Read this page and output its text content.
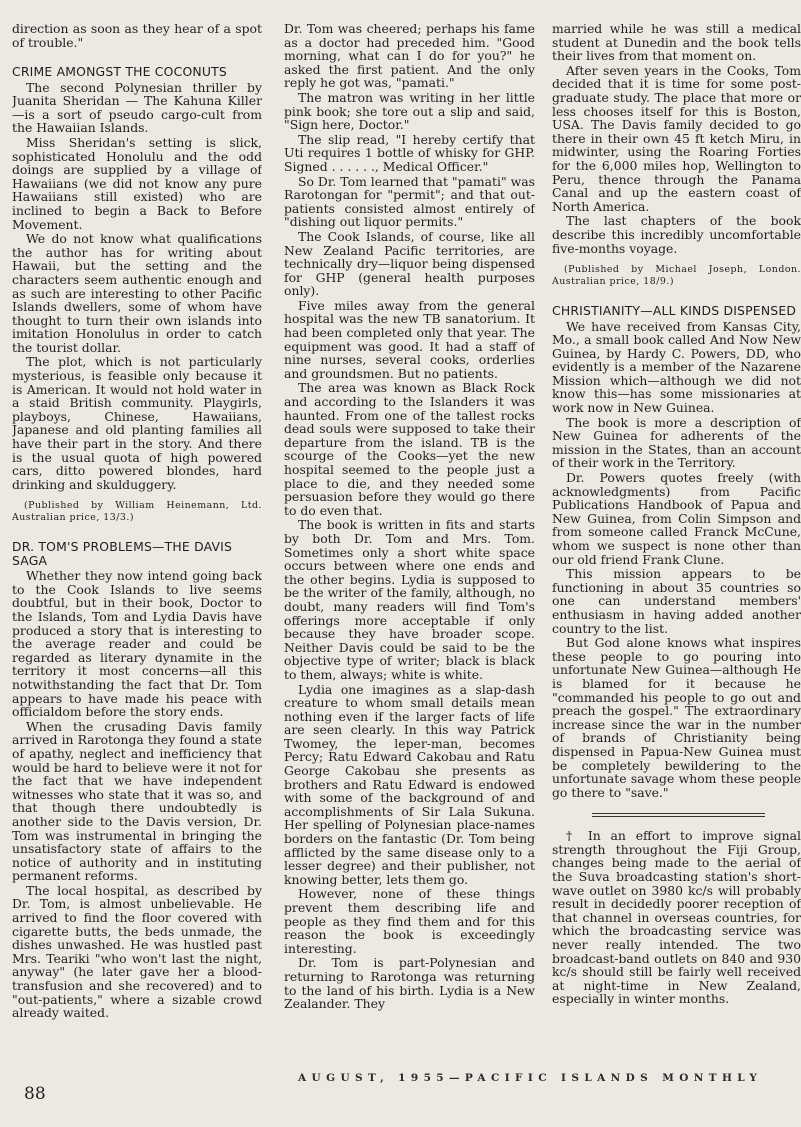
direction as soon as they hear of a spot of trouble."

CRIME AMONGST THE COCONUTS

The second Polynesian thriller by Juanita Sheridan — The Kahuna Killer—is a sort of pseudo cargo-cult from the Hawaiian Islands.

Miss Sheridan's setting is slick, sophisticated Honolulu and the odd doings are supplied by a village of Hawaiians (we did not know any pure Hawaiians still existed) who are inclined to begin a Back to Before Movement.

We do not know what qualifications the author has for writing about Hawaii, but the setting and the characters seem authentic enough and as such are interesting to other Pacific Islands dwellers, some of whom have thought to turn their own islands into imitation Honolulus in order to catch the tourist dollar.

The plot, which is not particularly mysterious, is feasible only because it is American. It would not hold water in a staid British community. Playgirls, playboys, Chinese, Hawaiians, Japanese and old planting families all have their part in the story. And there is the usual quota of high powered cars, ditto powered blondes, hard drinking and skulduggery.

(Published by William Heinemann, Ltd. Australian price, 13/3.)

DR. TOM'S PROBLEMS—THE DAVIS SAGA

Whether they now intend going back to the Cook Islands to live seems doubtful, but in their book, Doctor to the Islands, Tom and Lydia Davis have produced a story that is interesting to the average reader and could be regarded as literary dynamite in the territory it most concerns—all this notwithstanding the fact that Dr. Tom appears to have made his peace with officialdom before the story ends.

When the crusading Davis family arrived in Rarotonga they found a state of apathy, neglect and inefficiency that would be hard to believe were it not for the fact that we have independent witnesses who state that it was so, and that though there undoubtedly is another side to the Davis version, Dr. Tom was instrumental in bringing the unsatisfactory state of affairs to the notice of authority and in instituting permanent reforms.

The local hospital, as described by Dr. Tom, is almost unbelievable. He arrived to find the floor covered with cigarette butts, the beds unmade, the dishes unwashed. He was hustled past Mrs. Teariki "who won't last the night, anyway" (he later gave her a blood-transfusion and she recovered) and to "out-patients," where a sizable crowd already waited.

Dr. Tom was cheered; perhaps his fame as a doctor had preceded him. "Good morning, what can I do for you?" he asked the first patient. And the only reply he got was, "pamati."

The matron was writing in her little pink book; she tore out a slip and said, "Sign here, Doctor."

The slip read, "I hereby certify that Uti requires 1 bottle of whisky for GHP. Signed . . . . . ., Medical Officer."

So Dr. Tom learned that "pamati" was Rarotongan for "permit"; and that out-patients consisted almost entirely of "dishing out liquor permits."

The Cook Islands, of course, like all New Zealand Pacific territories, are technically dry—liquor being dispensed for GHP (general health purposes only).

Five miles away from the general hospital was the new TB sanatorium. It had been completed only that year. The equipment was good. It had a staff of nine nurses, several cooks, orderlies and groundsmen. But no patients.

The area was known as Black Rock and according to the Islanders it was haunted. From one of the tallest rocks dead souls were supposed to take their departure from the island. TB is the scourge of the Cooks—yet the new hospital seemed to the people just a place to die, and they needed some persuasion before they would go there to do even that.

The book is written in fits and starts by both Dr. Tom and Mrs. Tom. Sometimes only a short white space occurs between where one ends and the other begins. Lydia is supposed to be the writer of the family, although, no doubt, many readers will find Tom's offerings more acceptable if only because they have broader scope. Neither Davis could be said to be the objective type of writer; black is black to them, always; white is white.

Lydia one imagines as a slap-dash creature to whom small details mean nothing even if the larger facts of life are seen clearly. In this way Patrick Twomey, the leper-man, becomes Percy; Ratu Edward Cakobau and Ratu George Cakobau she presents as brothers and Ratu Edward is endowed with some of the background of and accomplishments of Sir Lala Sukuna. Her spelling of Polynesian place-names borders on the fantastic (Dr. Tom being afflicted by the same disease only to a lesser degree) and their publisher, not knowing better, lets them go.

However, none of these things prevent them describing life and people as they find them and for this reason the book is exceedingly interesting.

Dr. Tom is part-Polynesian and returning to Rarotonga was returning to the land of his birth. Lydia is a New Zealander. They

married while he was still a medical student at Dunedin and the book tells their lives from that moment on.

After seven years in the Cooks, Tom decided that it is time for some post-graduate study. The place that more or less chooses itself for this is Boston, USA. The Davis family decided to go there in their own 45 ft ketch Miru, in midwinter, using the Roaring Forties for the 6,000 miles hop, Wellington to Peru, thence through the Panama Canal and up the eastern coast of North America.

The last chapters of the book describe this incredibly uncomfortable five-months voyage.

(Published by Michael Joseph, London. Australian price, 18/9.)

CHRISTIANITY—ALL KINDS DISPENSED

We have received from Kansas City, Mo., a small book called And Now New Guinea, by Hardy C. Powers, DD, who evidently is a member of the Nazarene Mission which—although we did not know this—has some missionaries at work now in New Guinea.

The book is more a description of New Guinea for adherents of the mission in the States, than an account of their work in the Territory.

Dr. Powers quotes freely (with acknowledgments) from Pacific Publications Handbook of Papua and New Guinea, from Colin Simpson and from someone called Franck McCune, whom we suspect is none other than our old friend Frank Clune.

This mission appears to be functioning in about 35 countries so one can understand members' enthusiasm in having added another country to the list.

But God alone knows what inspires these people to go pouring into unfortunate New Guinea—although He is blamed for it because he "commanded his people to go out and preach the gospel." The extraordinary increase since the war in the number of brands of Christianity being dispensed in Papua-New Guinea must be completely bewildering to the unfortunate savage whom these people go there to "save."

† In an effort to improve signal strength throughout the Fiji Group, changes being made to the aerial of the Suva broadcasting station's short-wave outlet on 3980 kc/s will probably result in decidedly poorer reception of that channel in overseas countries, for which the broadcasting service was never really intended. The two broadcast-band outlets on 840 and 930 kc/s should still be fairly well received at night-time in New Zealand, especially in winter months.

88
AUGUST, 1955—PACIFIC ISLANDS MONTHLY
